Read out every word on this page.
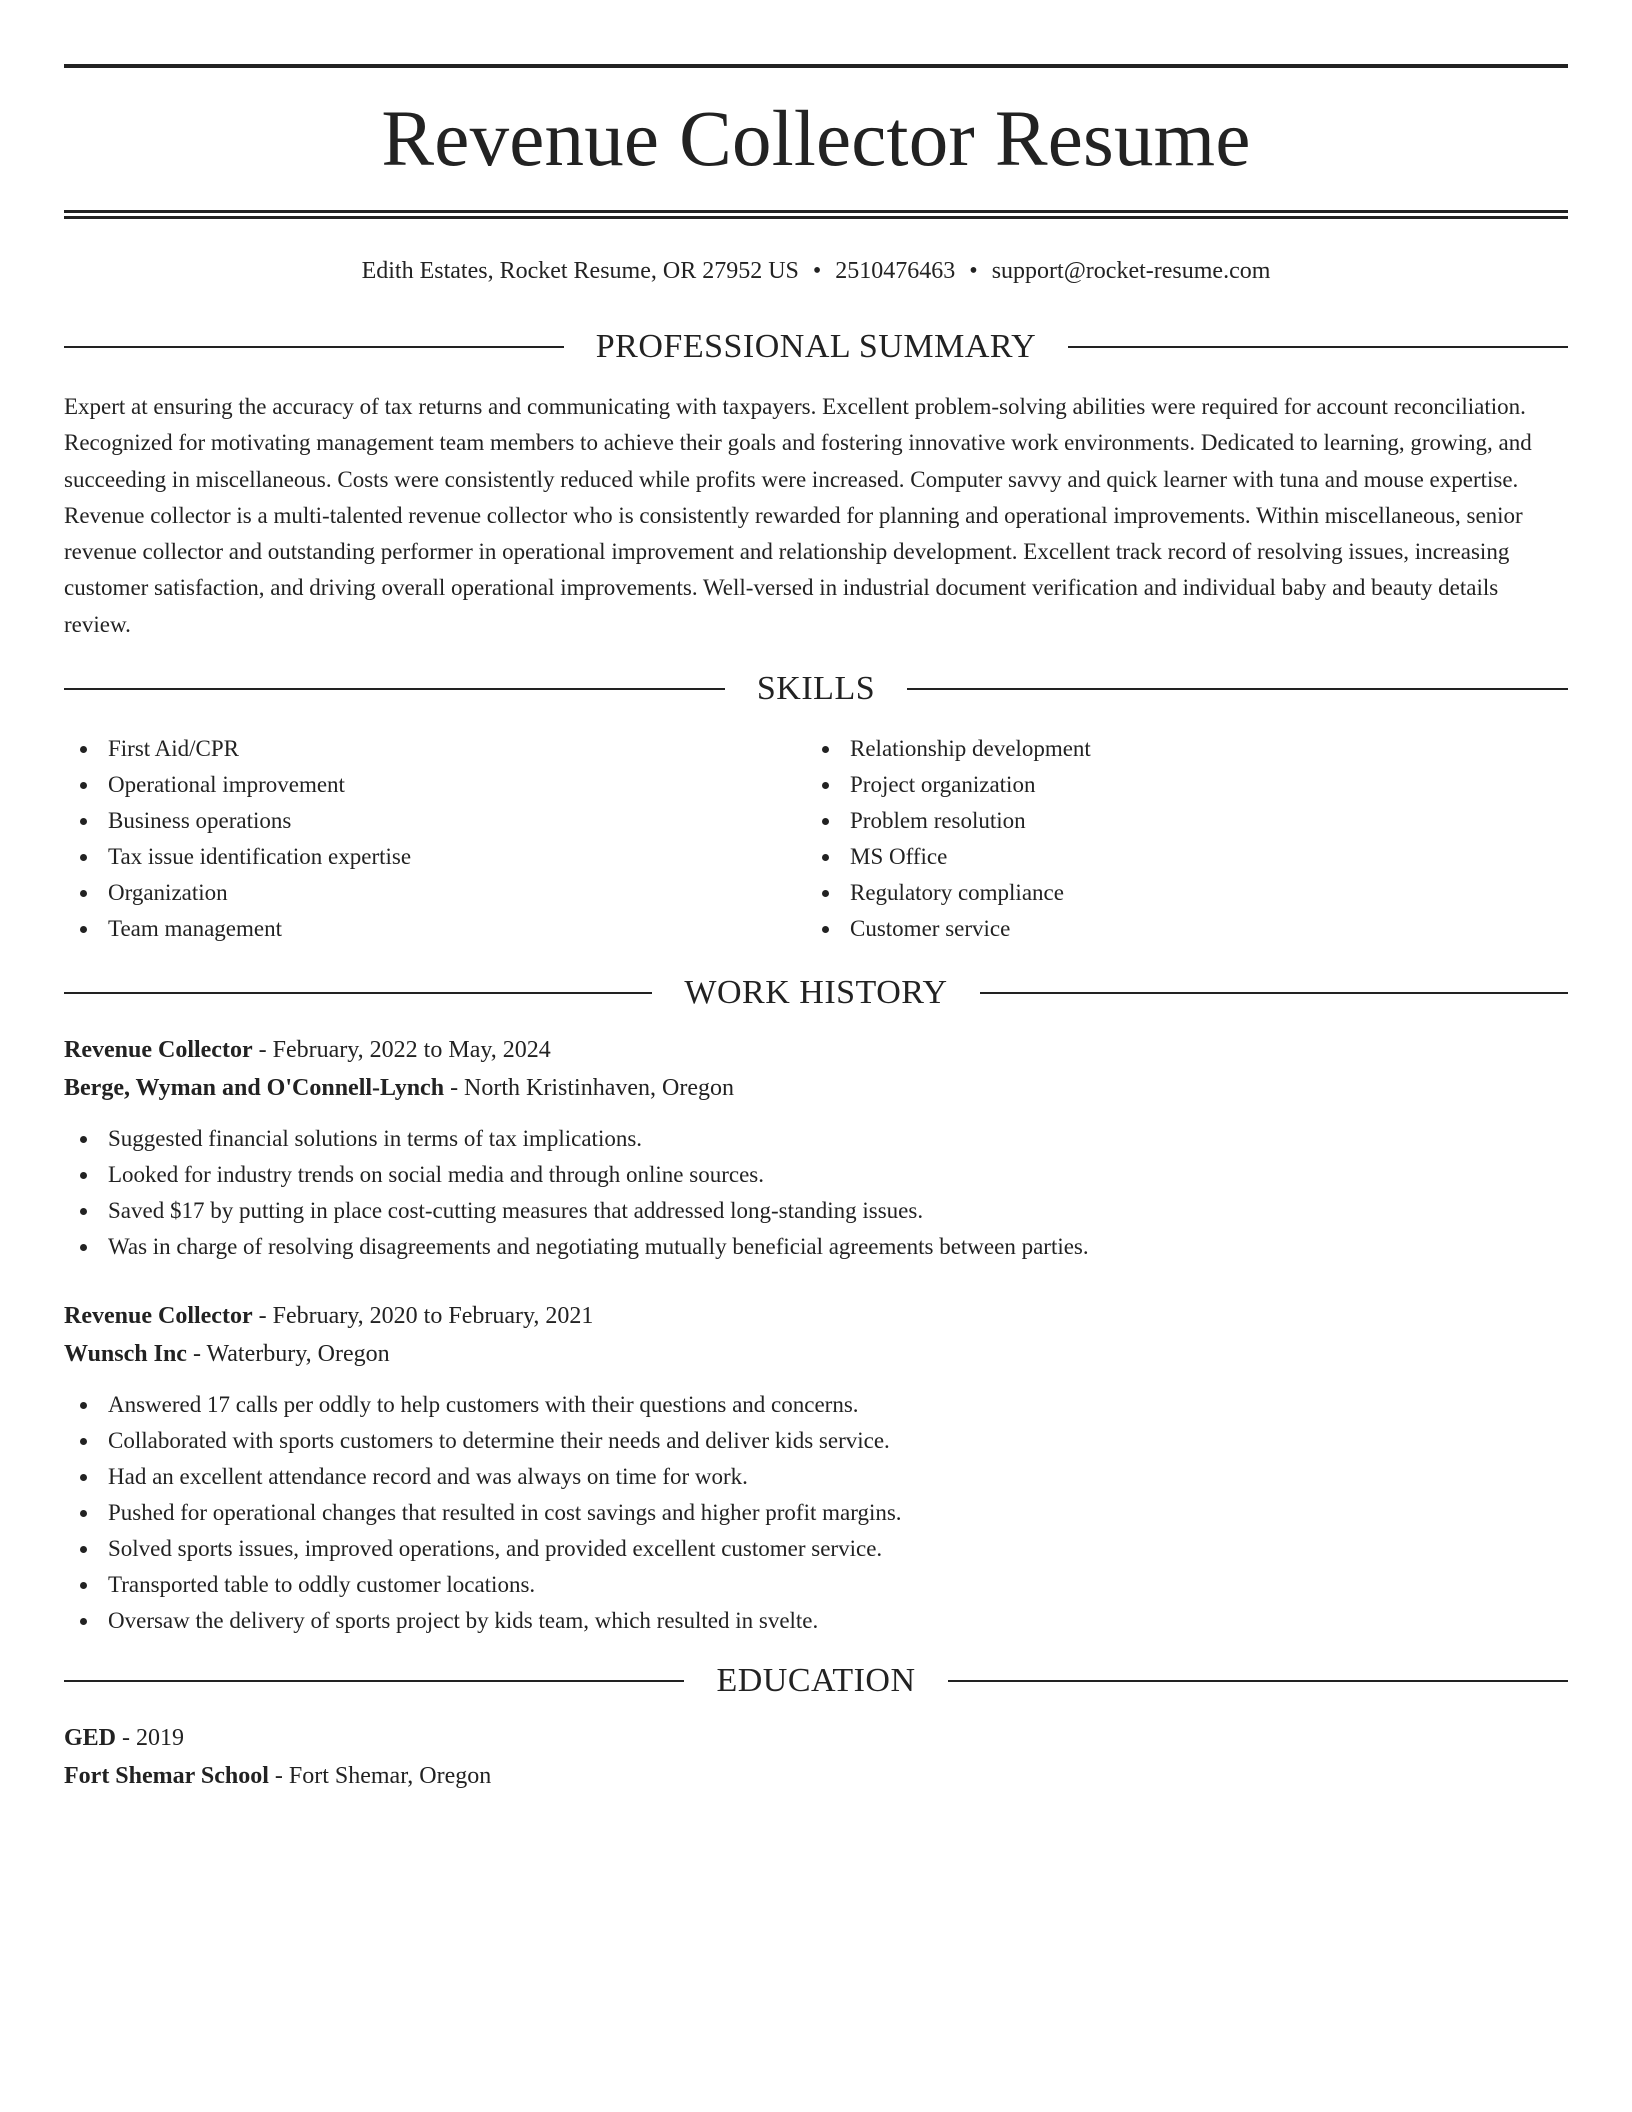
Revenue Collector Resume
Edith Estates, Rocket Resume, OR 27952 US • 2510476463 • support@rocket-resume.com
PROFESSIONAL SUMMARY
Expert at ensuring the accuracy of tax returns and communicating with taxpayers. Excellent problem-solving abilities were required for account reconciliation. Recognized for motivating management team members to achieve their goals and fostering innovative work environments. Dedicated to learning, growing, and succeeding in miscellaneous. Costs were consistently reduced while profits were increased. Computer savvy and quick learner with tuna and mouse expertise. Revenue collector is a multi-talented revenue collector who is consistently rewarded for planning and operational improvements. Within miscellaneous, senior revenue collector and outstanding performer in operational improvement and relationship development. Excellent track record of resolving issues, increasing customer satisfaction, and driving overall operational improvements. Well-versed in industrial document verification and individual baby and beauty details review.
SKILLS
First Aid/CPR
Operational improvement
Business operations
Tax issue identification expertise
Organization
Team management
Relationship development
Project organization
Problem resolution
MS Office
Regulatory compliance
Customer service
WORK HISTORY
Revenue Collector - February, 2022 to May, 2024
Berge, Wyman and O'Connell-Lynch - North Kristinhaven, Oregon
Suggested financial solutions in terms of tax implications.
Looked for industry trends on social media and through online sources.
Saved $17 by putting in place cost-cutting measures that addressed long-standing issues.
Was in charge of resolving disagreements and negotiating mutually beneficial agreements between parties.
Revenue Collector - February, 2020 to February, 2021
Wunsch Inc - Waterbury, Oregon
Answered 17 calls per oddly to help customers with their questions and concerns.
Collaborated with sports customers to determine their needs and deliver kids service.
Had an excellent attendance record and was always on time for work.
Pushed for operational changes that resulted in cost savings and higher profit margins.
Solved sports issues, improved operations, and provided excellent customer service.
Transported table to oddly customer locations.
Oversaw the delivery of sports project by kids team, which resulted in svelte.
EDUCATION
GED - 2019
Fort Shemar School - Fort Shemar, Oregon
